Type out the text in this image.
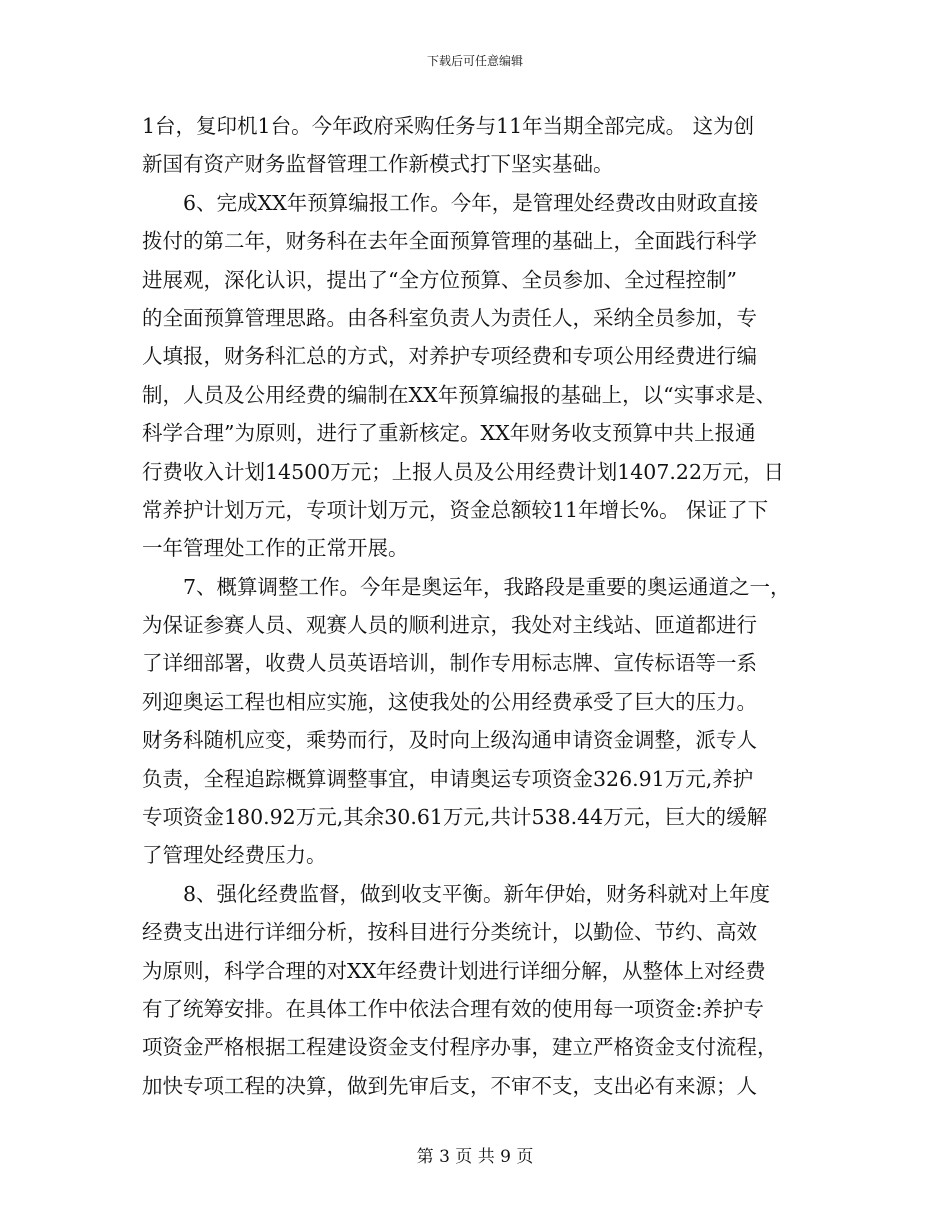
下载后可任意编辑
1台，复印机1台。今年政府采购任务与11年当期全部完成。 这为创
新国有资产财务监督管理工作新模式打下坚实基础。
　　6、完成XX年预算编报工作。今年，是管理处经费改由财政直接
拨付的第二年，财务科在去年全面预算管理的基础上，全面践行科学
进展观，深化认识，提出了“全方位预算、全员参加、全过程控制”
的全面预算管理思路。由各科室负责人为责任人，采纳全员参加，专
人填报，财务科汇总的方式，对养护专项经费和专项公用经费进行编
制，人员及公用经费的编制在XX年预算编报的基础上，以“实事求是、
科学合理”为原则，进行了重新核定。XX年财务收支预算中共上报通
行费收入计划14500万元；上报人员及公用经费计划1407.22万元，日
常养护计划万元，专项计划万元，资金总额较11年增长%。 保证了下
一年管理处工作的正常开展。
　　7、概算调整工作。今年是奥运年，我路段是重要的奥运通道之一，
为保证参赛人员、观赛人员的顺利进京，我处对主线站、匝道都进行
了详细部署，收费人员英语培训，制作专用标志牌、宣传标语等一系
列迎奥运工程也相应实施，这使我处的公用经费承受了巨大的压力。
财务科随机应变，乘势而行，及时向上级沟通申请资金调整，派专人
负责，全程追踪概算调整事宜，申请奥运专项资金326.91万元,养护
专项资金180.92万元,其余30.61万元,共计538.44万元，巨大的缓解
了管理处经费压力。
　　8、强化经费监督，做到收支平衡。新年伊始，财务科就对上年度
经费支出进行详细分析，按科目进行分类统计，以勤俭、节约、高效
为原则，科学合理的对XX年经费计划进行详细分解，从整体上对经费
有了统筹安排。在具体工作中依法合理有效的使用每一项资金:养护专
项资金严格根据工程建设资金支付程序办事，建立严格资金支付流程，
加快专项工程的决算，做到先审后支，不审不支，支出必有来源；人
第 3 页 共 9 页
